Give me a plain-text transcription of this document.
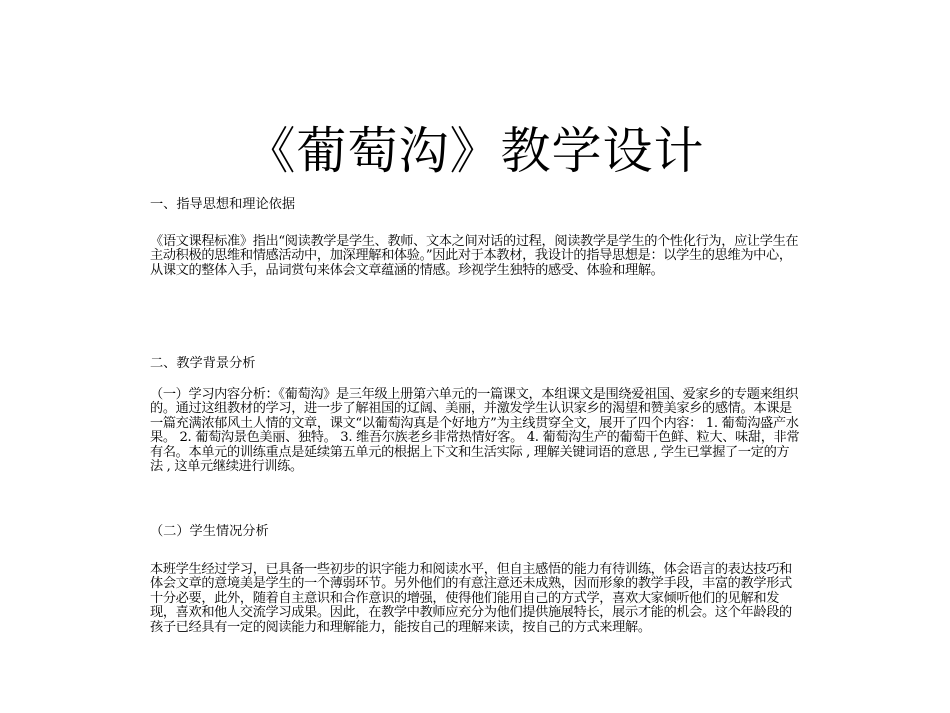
《葡萄沟》教学设计
一、指导思想和理论依据
《语文课程标准》指出“阅读教学是学生、教师、文本之间对话的过程，阅读教学是学生的个性化行为，应让学生在主动积极的思维和情感活动中，加深理解和体验。”因此对于本教材，我设计的指导思想是：以学生的思维为中心，从课文的整体入手，品词赏句来体会文章蕴涵的情感。珍视学生独特的感受、体验和理解。
二、教学背景分析
（一）学习内容分析：《葡萄沟》是三年级上册第六单元的一篇课文，本组课文是围绕爱祖国、爱家乡的专题来组织的。通过这组教材的学习，进一步了解祖国的辽阔、美丽，并激发学生认识家乡的渴望和赞美家乡的感情。本课是一篇充满浓郁风土人情的文章，课文“以葡萄沟真是个好地方”为主线贯穿全文，展开了四个内容： 1. 葡萄沟盛产水果。 2. 葡萄沟景色美丽、独特。 3. 维吾尔族老乡非常热情好客。 4. 葡萄沟生产的葡萄干色鲜、粒大、味甜，非常有名。本单元的训练重点是延续第五单元的根据上下文和生活实际 , 理解关键词语的意思 , 学生已掌握了一定的方法 , 这单元继续进行训练。
（二）学生情况分析
本班学生经过学习，已具备一些初步的识字能力和阅读水平，但自主感悟的能力有待训练，体会语言的表达技巧和体会文章的意境美是学生的一个薄弱环节。另外他们的有意注意还未成熟，因而形象的教学手段，丰富的教学形式十分必要，此外，随着自主意识和合作意识的增强，使得他们能用自己的方式学，喜欢大家倾听他们的见解和发现，喜欢和他人交流学习成果。因此，在教学中教师应充分为他们提供施展特长，展示才能的机会。这个年龄段的孩子已经具有一定的阅读能力和理解能力，能按自己的理解来读，按自己的方式来理解。
